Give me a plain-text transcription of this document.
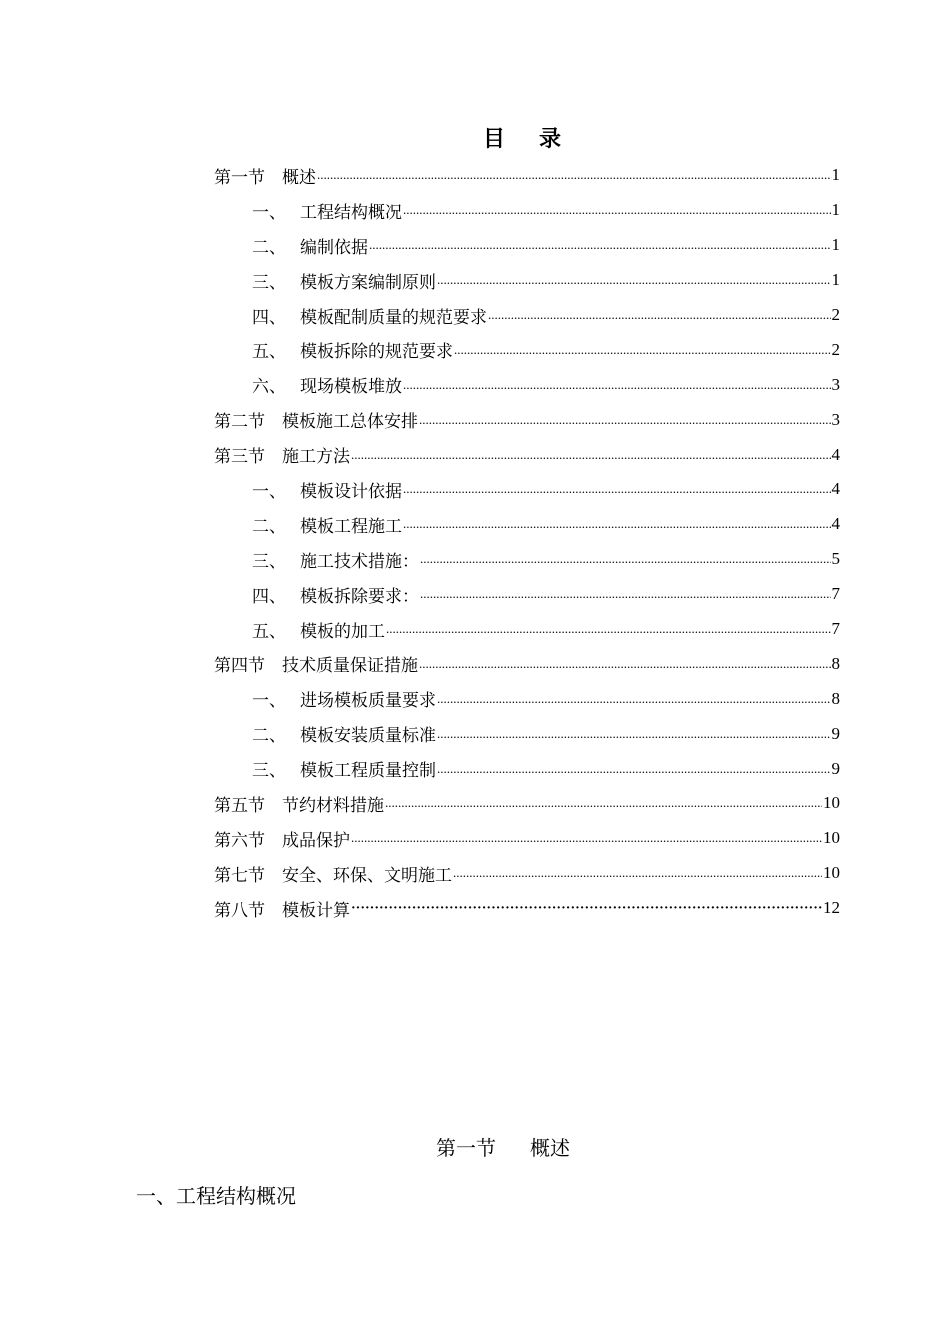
目 录
第一节	概述 .....	1
一、 工程结构概况 .....	1
二、 编制依据 .....	1
三、 模板方案编制原则 .....	1
四、 模板配制质量的规范要求 .....	2
五、 模板拆除的规范要求 .....	2
六、 现场模板堆放 .....	3
第二节	模板施工总体安排 .....	3
第三节	施工方法 .....	4
一、 模板设计依据 .....	4
二、 模板工程施工 .....	4
三、 施工技术措施： .....	5
四、 模板拆除要求： .....	7
五、 模板的加工 .....	7
第四节	技术质量保证措施 .....	8
一、 进场模板质量要求 .....	8
二、 模板安装质量标准 .....	9
三、 模板工程质量控制 .....	9
第五节	节约材料措施 .....	10
第六节	成品保护 .....	10
第七节	安全、环保、文明施工 .....	10
第八节	模板计算 ·····	12
第一节 概述
一、工程结构概况
